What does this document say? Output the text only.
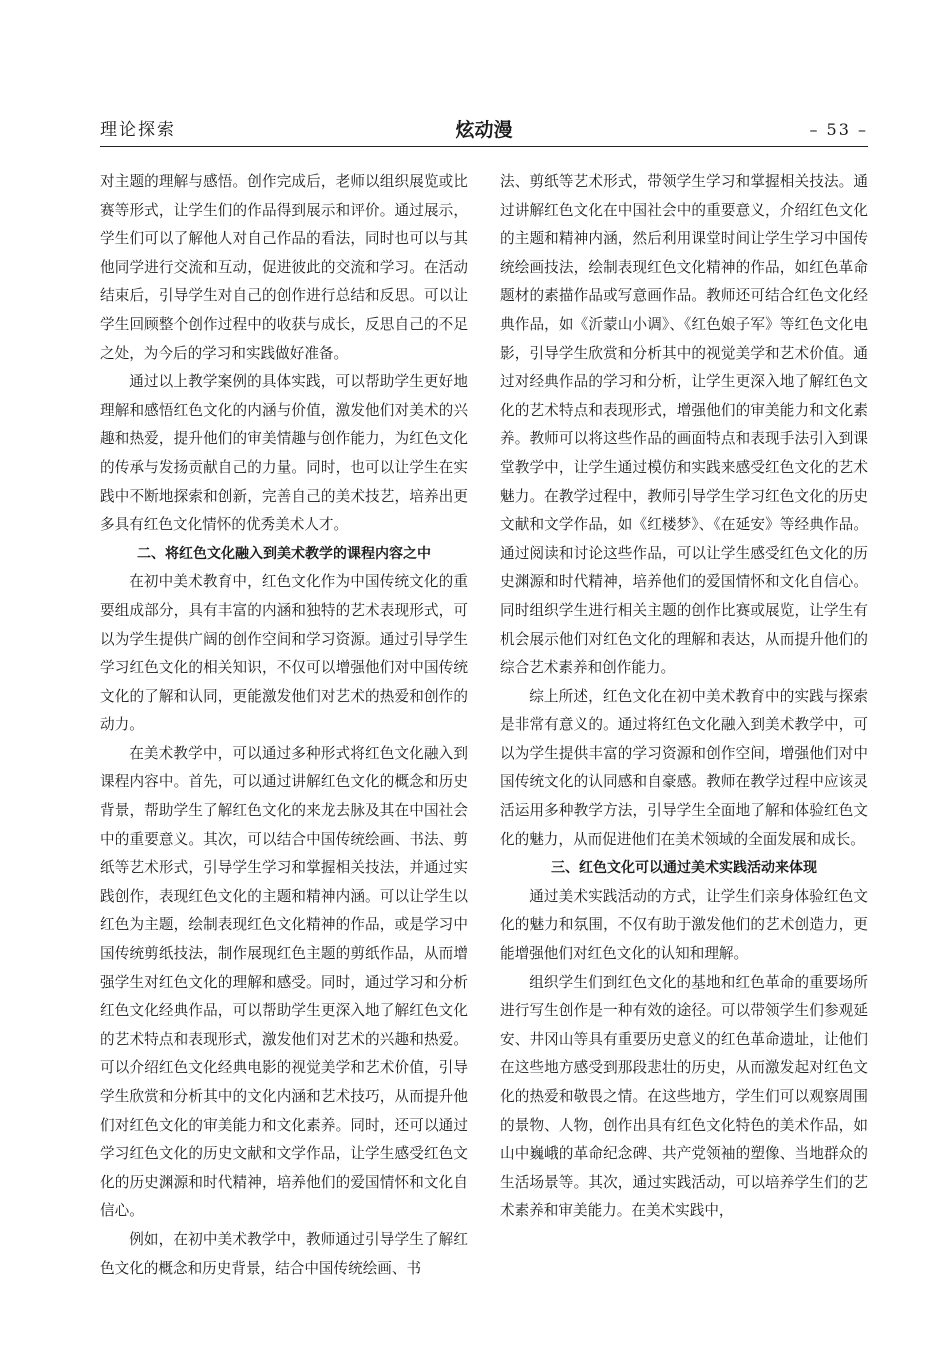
理论探索	炫动漫	– 53 –

对主题的理解与感悟。创作完成后，老师以组织展览或比赛等形式，让学生们的作品得到展示和评价。通过展示，学生们可以了解他人对自己作品的看法，同时也可以与其他同学进行交流和互动，促进彼此的交流和学习。在活动结束后，引导学生对自己的创作进行总结和反思。可以让学生回顾整个创作过程中的收获与成长，反思自己的不足之处，为今后的学习和实践做好准备。

通过以上教学案例的具体实践，可以帮助学生更好地理解和感悟红色文化的内涵与价值，激发他们对美术的兴趣和热爱，提升他们的审美情趣与创作能力，为红色文化的传承与发扬贡献自己的力量。同时，也可以让学生在实践中不断地探索和创新，完善自己的美术技艺，培养出更多具有红色文化情怀的优秀美术人才。

二、将红色文化融入到美术教学的课程内容之中

在初中美术教育中，红色文化作为中国传统文化的重要组成部分，具有丰富的内涵和独特的艺术表现形式，可以为学生提供广阔的创作空间和学习资源。通过引导学生学习红色文化的相关知识，不仅可以增强他们对中国传统文化的了解和认同，更能激发他们对艺术的热爱和创作的动力。

在美术教学中，可以通过多种形式将红色文化融入到课程内容中。首先，可以通过讲解红色文化的概念和历史背景，帮助学生了解红色文化的来龙去脉及其在中国社会中的重要意义。其次，可以结合中国传统绘画、书法、剪纸等艺术形式，引导学生学习和掌握相关技法，并通过实践创作，表现红色文化的主题和精神内涵。可以让学生以红色为主题，绘制表现红色文化精神的作品，或是学习中国传统剪纸技法，制作展现红色主题的剪纸作品，从而增强学生对红色文化的理解和感受。同时，通过学习和分析红色文化经典作品，可以帮助学生更深入地了解红色文化的艺术特点和表现形式，激发他们对艺术的兴趣和热爱。可以介绍红色文化经典电影的视觉美学和艺术价值，引导学生欣赏和分析其中的文化内涵和艺术技巧，从而提升他们对红色文化的审美能力和文化素养。同时，还可以通过学习红色文化的历史文献和文学作品，让学生感受红色文化的历史渊源和时代精神，培养他们的爱国情怀和文化自信心。

例如，在初中美术教学中，教师通过引导学生了解红色文化的概念和历史背景，结合中国传统绘画、书

法、剪纸等艺术形式，带领学生学习和掌握相关技法。通过讲解红色文化在中国社会中的重要意义，介绍红色文化的主题和精神内涵，然后利用课堂时间让学生学习中国传统绘画技法，绘制表现红色文化精神的作品，如红色革命题材的素描作品或写意画作品。教师还可结合红色文化经典作品，如《沂蒙山小调》、《红色娘子军》等红色文化电影，引导学生欣赏和分析其中的视觉美学和艺术价值。通过对经典作品的学习和分析，让学生更深入地了解红色文化的艺术特点和表现形式，增强他们的审美能力和文化素养。教师可以将这些作品的画面特点和表现手法引入到课堂教学中，让学生通过模仿和实践来感受红色文化的艺术魅力。在教学过程中，教师引导学生学习红色文化的历史文献和文学作品，如《红楼梦》、《在延安》等经典作品。通过阅读和讨论这些作品，可以让学生感受红色文化的历史渊源和时代精神，培养他们的爱国情怀和文化自信心。同时组织学生进行相关主题的创作比赛或展览，让学生有机会展示他们对红色文化的理解和表达，从而提升他们的综合艺术素养和创作能力。

综上所述，红色文化在初中美术教育中的实践与探索是非常有意义的。通过将红色文化融入到美术教学中，可以为学生提供丰富的学习资源和创作空间，增强他们对中国传统文化的认同感和自豪感。教师在教学过程中应该灵活运用多种教学方法，引导学生全面地了解和体验红色文化的魅力，从而促进他们在美术领域的全面发展和成长。

三、红色文化可以通过美术实践活动来体现

通过美术实践活动的方式，让学生们亲身体验红色文化的魅力和氛围，不仅有助于激发他们的艺术创造力，更能增强他们对红色文化的认知和理解。

组织学生们到红色文化的基地和红色革命的重要场所进行写生创作是一种有效的途径。可以带领学生们参观延安、井冈山等具有重要历史意义的红色革命遗址，让他们在这些地方感受到那段悲壮的历史，从而激发起对红色文化的热爱和敬畏之情。在这些地方，学生们可以观察周围的景物、人物，创作出具有红色文化特色的美术作品，如山中巍峨的革命纪念碑、共产党领袖的塑像、当地群众的生活场景等。其次，通过实践活动，可以培养学生们的艺术素养和审美能力。在美术实践中，
